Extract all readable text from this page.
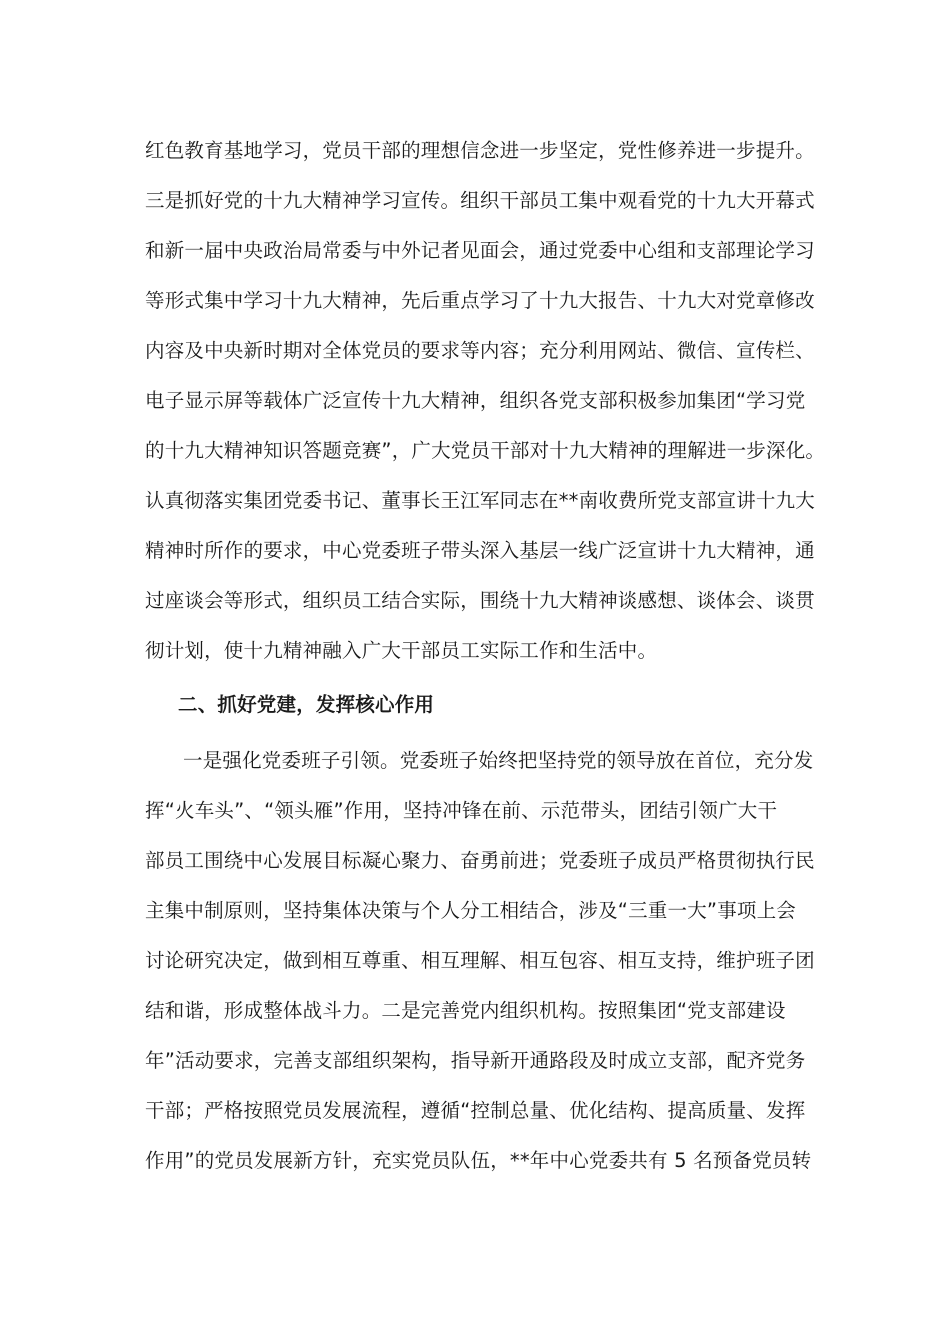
红色教育基地学习，党员干部的理想信念进一步坚定，党性修养进一步提升。
三是抓好党的十九大精神学习宣传。组织干部员工集中观看党的十九大开幕式
和新一届中央政治局常委与中外记者见面会，通过党委中心组和支部理论学习
等形式集中学习十九大精神，先后重点学习了十九大报告、十九大对党章修改
内容及中央新时期对全体党员的要求等内容；充分利用网站、微信、宣传栏、
电子显示屏等载体广泛宣传十九大精神，组织各党支部积极参加集团“学习党
的十九大精神知识答题竞赛”，广大党员干部对十九大精神的理解进一步深化。
认真彻落实集团党委书记、董事长王江军同志在**南收费所党支部宣讲十九大
精神时所作的要求，中心党委班子带头深入基层一线广泛宣讲十九大精神，通
过座谈会等形式，组织员工结合实际，围绕十九大精神谈感想、谈体会、谈贯
彻计划，使十九精神融入广大干部员工实际工作和生活中。
二、抓好党建，发挥核心作用
一是强化党委班子引领。党委班子始终把坚持党的领导放在首位，充分发
挥“火车头”、“领头雁”作用，坚持冲锋在前、示范带头，团结引领广大干
部员工围绕中心发展目标凝心聚力、奋勇前进；党委班子成员严格贯彻执行民
主集中制原则，坚持集体决策与个人分工相结合，涉及“三重一大”事项上会
讨论研究决定，做到相互尊重、相互理解、相互包容、相互支持，维护班子团
结和谐，形成整体战斗力。二是完善党内组织机构。按照集团“党支部建设
年”活动要求，完善支部组织架构，指导新开通路段及时成立支部，配齐党务
干部；严格按照党员发展流程，遵循“控制总量、优化结构、提高质量、发挥
作用”的党员发展新方针，充实党员队伍，**年中心党委共有 5 名预备党员转
